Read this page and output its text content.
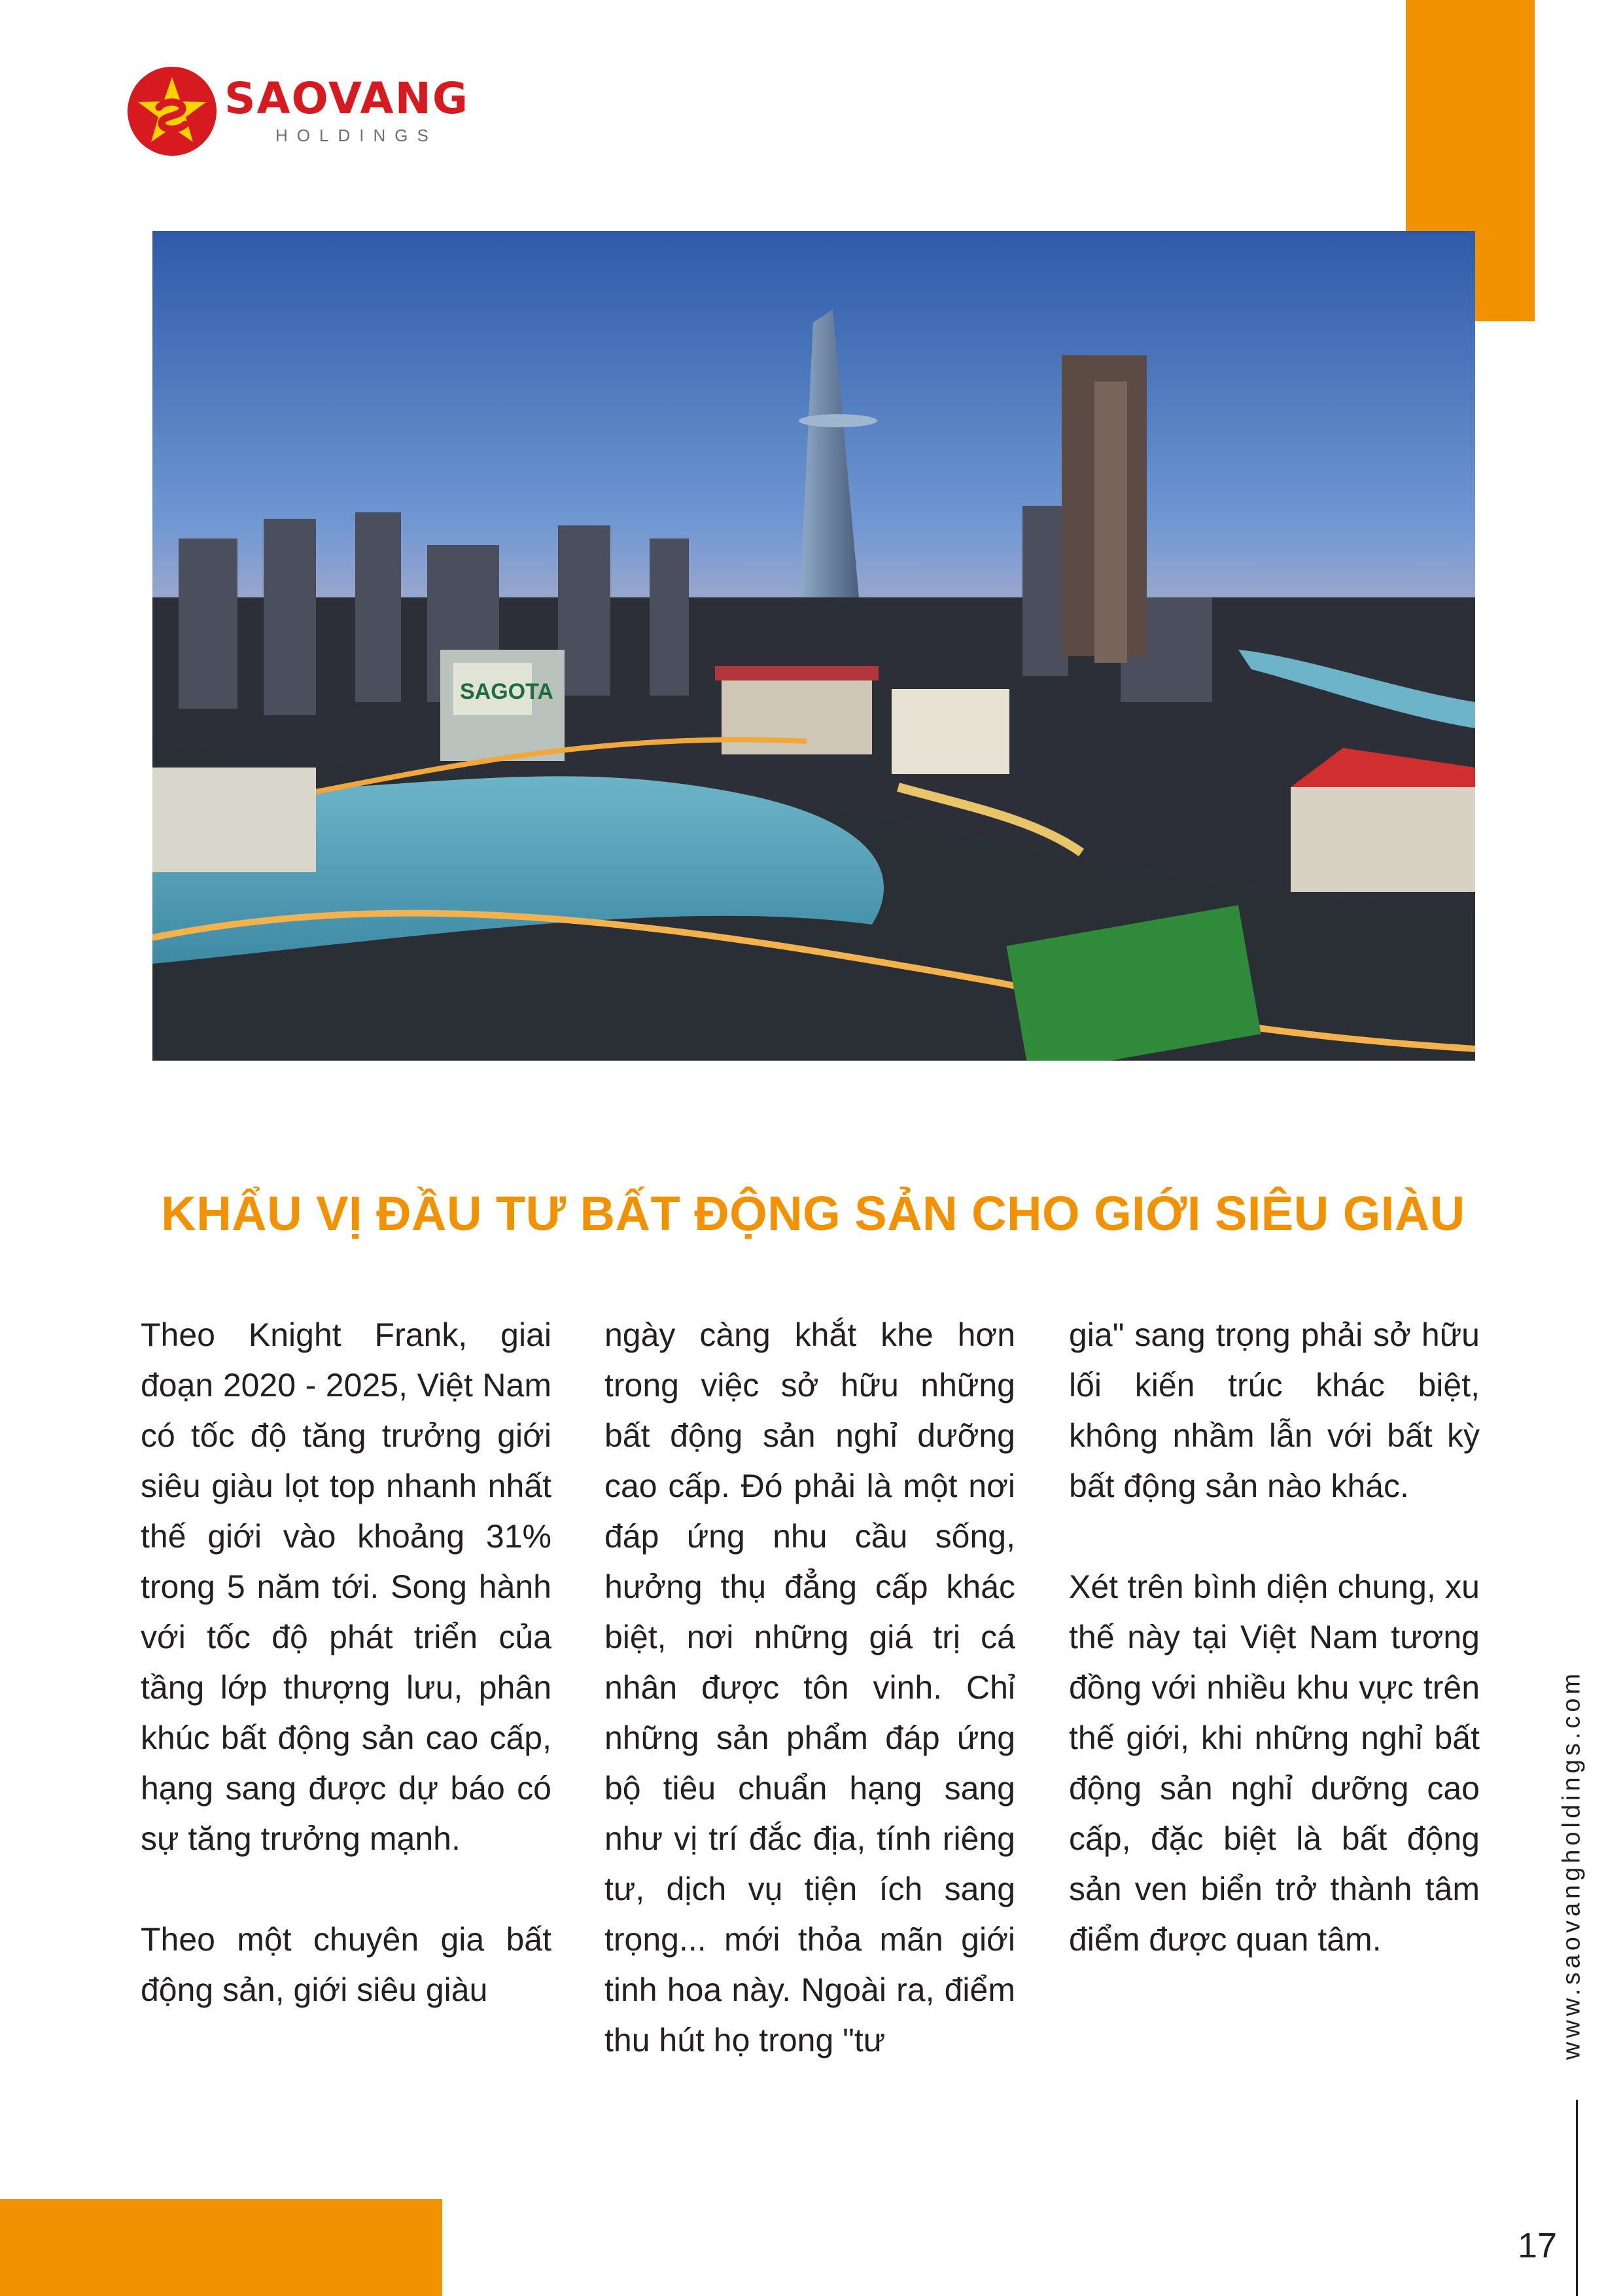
SAOVANG
HOLDINGS
SAGOTA
KHẨU VỊ ĐẦU TƯ BẤT ĐỘNG SẢN CHO GIỚI SIÊU GIÀU

Theo Knight Frank, giai đoạn 2020 - 2025, Việt Nam có tốc độ tăng trưởng giới siêu giàu lọt top nhanh nhất thế giới vào khoảng 31% trong 5 năm tới. Song hành với tốc độ phát triển của tầng lớp thượng lưu, phân khúc bất động sản cao cấp, hạng sang được dự báo có sự tăng trưởng mạnh.

Theo một chuyên gia bất động sản, giới siêu giàu

ngày càng khắt khe hơn trong việc sở hữu những bất động sản nghỉ dưỡng cao cấp. Đó phải là một nơi đáp ứng nhu cầu sống, hưởng thụ đẳng cấp khác biệt, nơi những giá trị cá nhân được tôn vinh. Chỉ những sản phẩm đáp ứng bộ tiêu chuẩn hạng sang như vị trí đắc địa, tính riêng tư, dịch vụ tiện ích sang trọng... mới thỏa mãn giới tinh hoa này. Ngoài ra, điểm thu hút họ trong "tư

gia" sang trọng phải sở hữu lối kiến trúc khác biệt, không nhầm lẫn với bất kỳ bất động sản nào khác.

Xét trên bình diện chung, xu thế này tại Việt Nam tương đồng với nhiều khu vực trên thế giới, khi những nghỉ bất động sản nghỉ dưỡng cao cấp, đặc biệt là bất động sản ven biển trở thành tâm điểm được quan tâm.	www.saovangholdings.com
17
